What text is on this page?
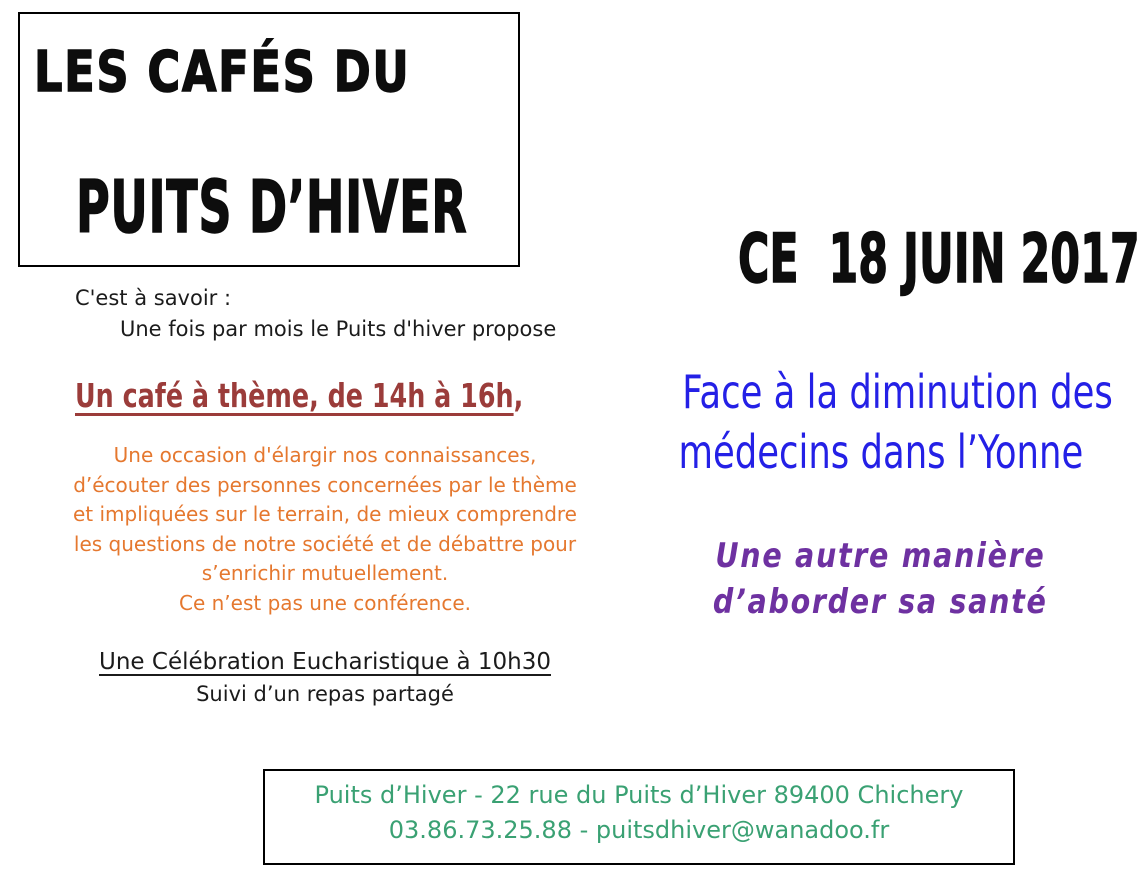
LES CAFÉS DU
PUITS D’HIVER
CE  18 JUIN 2017
C'est à savoir :
Une fois par mois le Puits d'hiver propose
Un café à thème, de 14h à 16h,
Une occasion d'élargir nos connaissances,
d’écouter des personnes concernées par le thème
et impliquées sur le terrain, de mieux comprendre
les questions de notre société et de débattre pour
s’enrichir mutuellement.
Ce n’est pas une conférence.
Une Célébration Eucharistique à 10h30
Suivi d’un repas partagé
Face à la diminution des
médecins dans l’Yonne
Une autre manière
d’aborder sa santé
Puits d’Hiver - 22 rue du Puits d’Hiver 89400 Chichery
03.86.73.25.88 - puitsdhiver@wanadoo.fr
